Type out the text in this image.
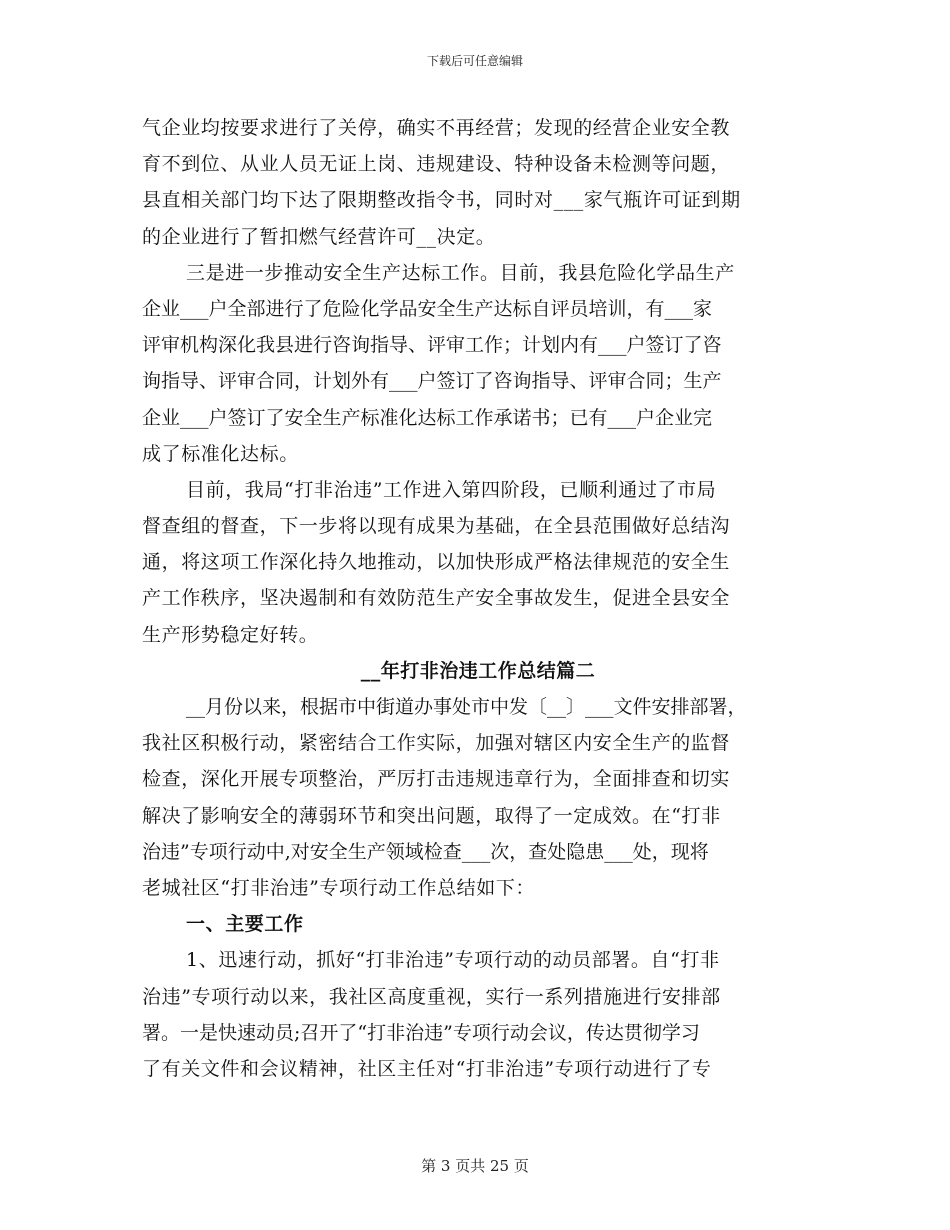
下载后可任意编辑
气企业均按要求进行了关停，确实不再经营；发现的经营企业安全教
育不到位、从业人员无证上岗、违规建设、特种设备未检测等问题，
县直相关部门均下达了限期整改指令书，同时对___家气瓶许可证到期
的企业进行了暂扣燃气经营许可__决定。
三是进一步推动安全生产达标工作。目前，我县危险化学品生产
企业___户全部进行了危险化学品安全生产达标自评员培训，有___家
评审机构深化我县进行咨询指导、评审工作；计划内有___户签订了咨
询指导、评审合同，计划外有___户签订了咨询指导、评审合同；生产
企业___户签订了安全生产标准化达标工作承诺书；已有___户企业完
成了标准化达标。
目前，我局“打非治违”工作进入第四阶段，已顺利通过了市局
督查组的督查，下一步将以现有成果为基础，在全县范围做好总结沟
通，将这项工作深化持久地推动，以加快形成严格法律规范的安全生
产工作秩序，坚决遏制和有效防范生产安全事故发生，促进全县安全
生产形势稳定好转。
__年打非治违工作总结篇二
__月份以来，根据市中街道办事处市中发〔__〕___文件安排部署，
我社区积极行动，紧密结合工作实际，加强对辖区内安全生产的监督
检查，深化开展专项整治，严厉打击违规违章行为，全面排查和切实
解决了影响安全的薄弱环节和突出问题，取得了一定成效。在“打非
治违”专项行动中,对安全生产领域检查___次，查处隐患___处，现将
老城社区“打非治违”专项行动工作总结如下：
一、主要工作
1、迅速行动，抓好“打非治违”专项行动的动员部署。自“打非
治违”专项行动以来，我社区高度重视，实行一系列措施进行安排部
署。一是快速动员;召开了“打非治违”专项行动会议，传达贯彻学习
了有关文件和会议精神，社区主任对“打非治违”专项行动进行了专
第 3 页共 25 页
